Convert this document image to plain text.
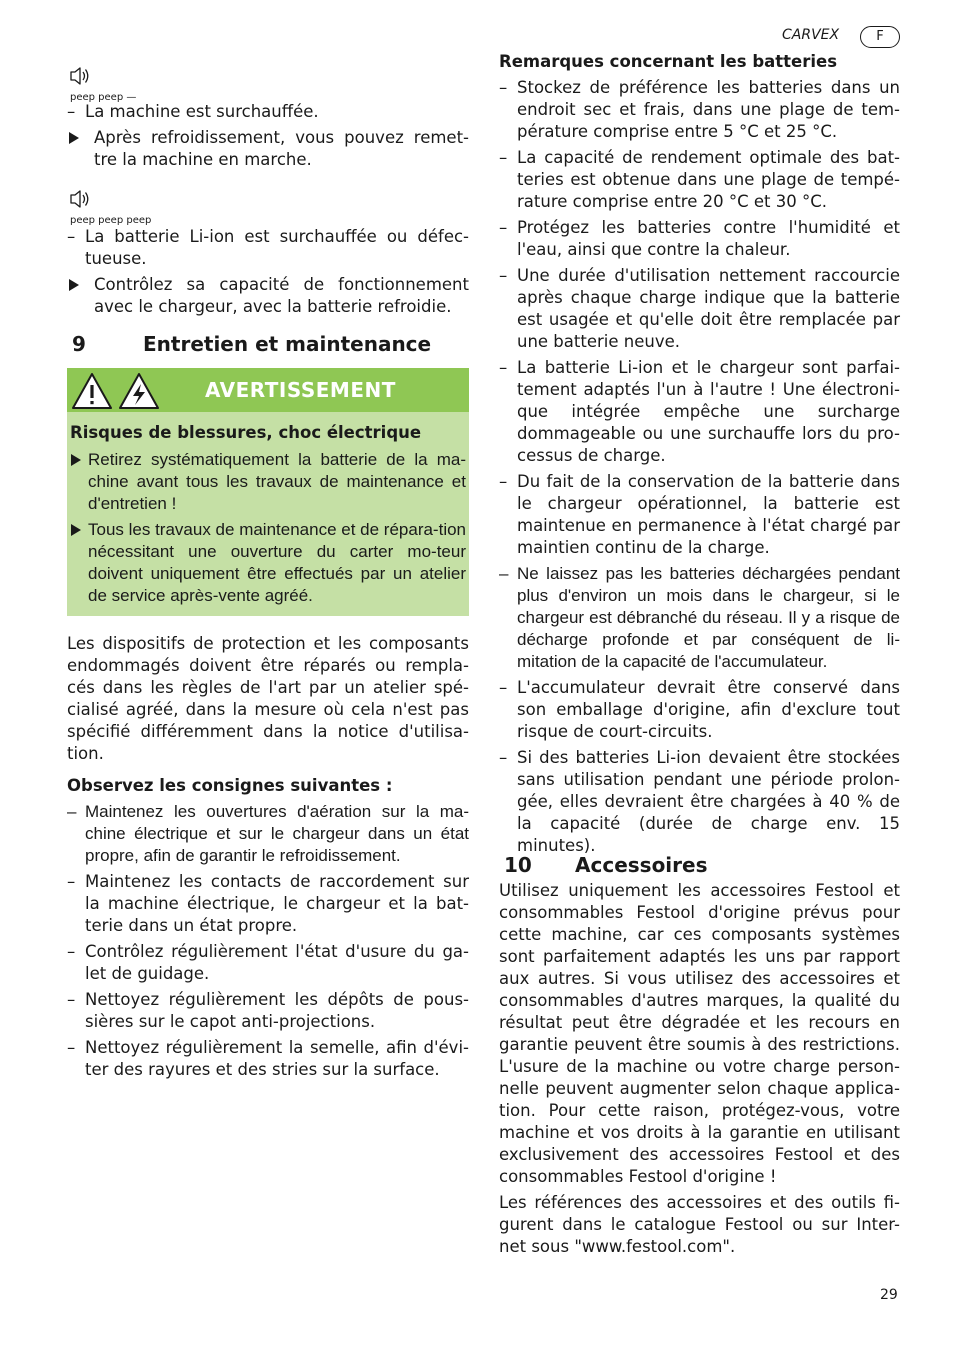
CARVEX	F
peep peep —
– La machine est surchauffée.
Après refroidissement, vous pouvez remet-tre la machine en marche.
peep peep peep
– La batterie Li-ion est surchauffée ou défec-tueuse.
Contrôlez sa capacité de fonctionnement avec le chargeur, avec la batterie refroidie.
9	Entretien et maintenance
AVERTISSEMENT
Risques de blessures, choc électrique
Retirez systématiquement la batterie de la ma-chine avant tous les travaux de maintenance et d'entretien !
Tous les travaux de maintenance et de répara-tion nécessitant une ouverture du carter mo-teur doivent uniquement être effectués par un atelier de service après-vente agréé.

Les dispositifs de protection et les composants endommagés doivent être réparés ou rempla-cés dans les règles de l'art par un atelier spé-cialisé agréé, dans la mesure où cela n'est pas spécifié différemment dans la notice d'utilisa-tion.

Observez les consignes suivantes :
– Maintenez les ouvertures d'aération sur la ma-chine électrique et sur le chargeur dans un état propre, afin de garantir le refroidissement.
– Maintenez les contacts de raccordement sur la machine électrique, le chargeur et la bat-terie dans un état propre.
– Contrôlez régulièrement l'état d'usure du ga-let de guidage.
– Nettoyez régulièrement les dépôts de pous-sières sur le capot anti-projections.
– Nettoyez régulièrement la semelle, afin d'évi-ter des rayures et des stries sur la surface.
Remarques concernant les batteries
– Stockez de préférence les batteries dans un endroit sec et frais, dans une plage de tem-pérature comprise entre 5 °C et 25 °C.
– La capacité de rendement optimale des bat-teries est obtenue dans une plage de tempé-rature comprise entre 20 °C et 30 °C.
– Protégez les batteries contre l'humidité et l'eau, ainsi que contre la chaleur.
– Une durée d'utilisation nettement raccourcie après chaque charge indique que la batterie est usagée et qu'elle doit être remplacée par une batterie neuve.
– La batterie Li-ion et le chargeur sont parfai-tement adaptés l'un à l'autre ! Une électroni-que intégrée empêche une surcharge dommageable ou une surchauffe lors du pro-cessus de charge.
– Du fait de la conservation de la batterie dans le chargeur opérationnel, la batterie est maintenue en permanence à l'état chargé par maintien continu de la charge.
– Ne laissez pas les batteries déchargées pendant plus d'environ un mois dans le chargeur, si le chargeur est débranché du réseau. Il y a risque de décharge profonde et par conséquent de li-mitation de la capacité de l'accumulateur.
– L'accumulateur devrait être conservé dans son emballage d'origine, afin d'exclure tout risque de court-circuits.
– Si des batteries Li-ion devaient être stockées sans utilisation pendant une période prolon-gée, elles devraient être chargées à 40 % de la capacité (durée de charge env. 15 minutes).
10 Accessoires

Utilisez uniquement les accessoires Festool et consommables Festool d'origine prévus pour cette machine, car ces composants systèmes sont parfaitement adaptés les uns par rapport aux autres. Si vous utilisez des accessoires et consommables d'autres marques, la qualité du résultat peut être dégradée et les recours en garantie peuvent être soumis à des restrictions. L'usure de la machine ou votre charge person-nelle peuvent augmenter selon chaque applica-tion. Pour cette raison, protégez-vous, votre machine et vos droits à la garantie en utilisant exclusivement des accessoires Festool et des consommables Festool d'origine !

Les références des accessoires et des outils fi-gurent dans le catalogue Festool ou sur Inter-net sous "www.festool.com".

29
